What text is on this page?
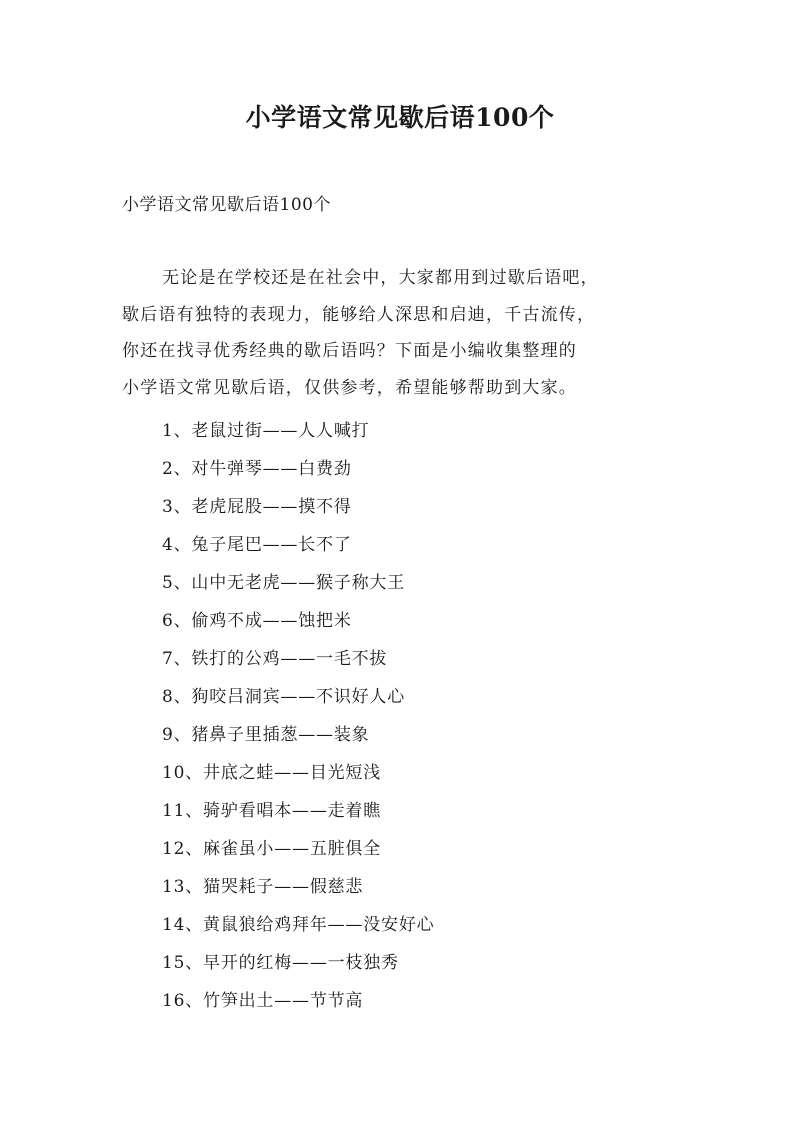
小学语文常见歇后语100个
小学语文常见歇后语100个
无论是在学校还是在社会中，大家都用到过歇后语吧，
歇后语有独特的表现力，能够给人深思和启迪，千古流传，
你还在找寻优秀经典的歇后语吗？下面是小编收集整理的
小学语文常见歇后语，仅供参考，希望能够帮助到大家。
1、老鼠过街——人人喊打
2、对牛弹琴——白费劲
3、老虎屁股——摸不得
4、兔子尾巴——长不了
5、山中无老虎——猴子称大王
6、偷鸡不成——蚀把米
7、铁打的公鸡——一毛不拔
8、狗咬吕洞宾——不识好人心
9、猪鼻子里插葱——装象
10、井底之蛙——目光短浅
11、骑驴看唱本——走着瞧
12、麻雀虽小——五脏俱全
13、猫哭耗子——假慈悲
14、黄鼠狼给鸡拜年——没安好心
15、早开的红梅——一枝独秀
16、竹笋出土——节节高
